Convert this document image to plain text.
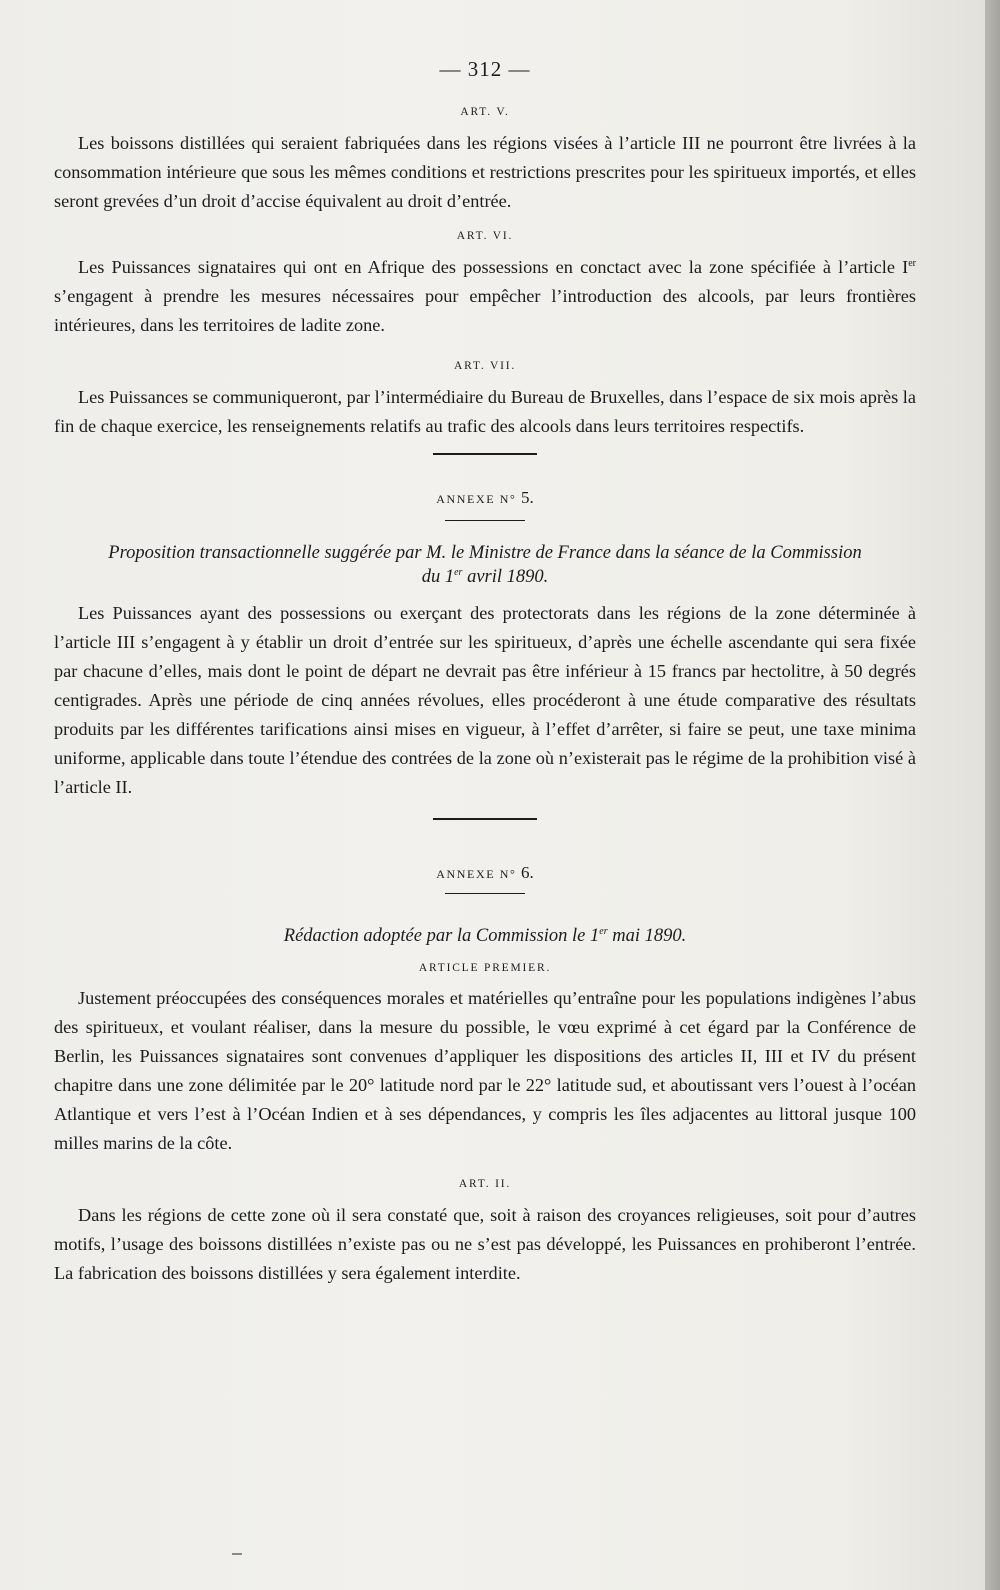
— 312 —
ART. V.

Les boissons distillées qui seraient fabriquées dans les régions visées à l’article III ne pourront être livrées à la consommation intérieure que sous les mêmes conditions et restrictions prescrites pour les spiritueux importés, et elles seront grevées d’un droit d’accise équivalent au droit d’entrée.

ART. VI.

Les Puissances signataires qui ont en Afrique des possessions en conctact avec la zone spécifiée à l’article Ier s’engagent à prendre les mesures nécessaires pour empêcher l’introduction des alcools, par leurs frontières intérieures, dans les territoires de ladite zone.

ART. VII.

Les Puissances se communiqueront, par l’intermédiaire du Bureau de Bruxelles, dans l’espace de six mois après la fin de chaque exercice, les renseignements relatifs au trafic des alcools dans leurs territoires respectifs.

ANNEXE N° 5.
Proposition transactionnelle suggérée par M. le Ministre de France dans la séance de la Commission
du 1er avril 1890.

Les Puissances ayant des possessions ou exerçant des protectorats dans les régions de la zone déterminée à l’article III s’engagent à y établir un droit d’entrée sur les spiritueux, d’après une échelle ascendante qui sera fixée par chacune d’elles, mais dont le point de départ ne devrait pas être inférieur à 15 francs par hectolitre, à 50 degrés centigrades. Après une période de cinq années révolues, elles procéderont à une étude comparative des résultats produits par les différentes tarifications ainsi mises en vigueur, à l’effet d’arrêter, si faire se peut, une taxe minima uniforme, applicable dans toute l’étendue des contrées de la zone où n’existerait pas le régime de la prohibition visé à l’article II.

ANNEXE N° 6.
Rédaction adoptée par la Commission le 1er mai 1890.
ARTICLE PREMIER.

Justement préoccupées des conséquences morales et matérielles qu’entraîne pour les populations indigènes l’abus des spiritueux, et voulant réaliser, dans la mesure du possible, le vœu exprimé à cet égard par la Conférence de Berlin, les Puissances signataires sont convenues d’appliquer les dispositions des articles II, III et IV du présent chapitre dans une zone délimitée par le 20° latitude nord par le 22° latitude sud, et aboutissant vers l’ouest à l’océan Atlantique et vers l’est à l’Océan Indien et à ses dépendances, y compris les îles adjacentes au littoral jusque 100 milles marins de la côte.

ART. II.

Dans les régions de cette zone où il sera constaté que, soit à raison des croyances religieuses, soit pour d’autres motifs, l’usage des boissons distillées n’existe pas ou ne s’est pas développé, les Puissances en prohiberont l’entrée. La fabrication des boissons distillées y sera également interdite.
